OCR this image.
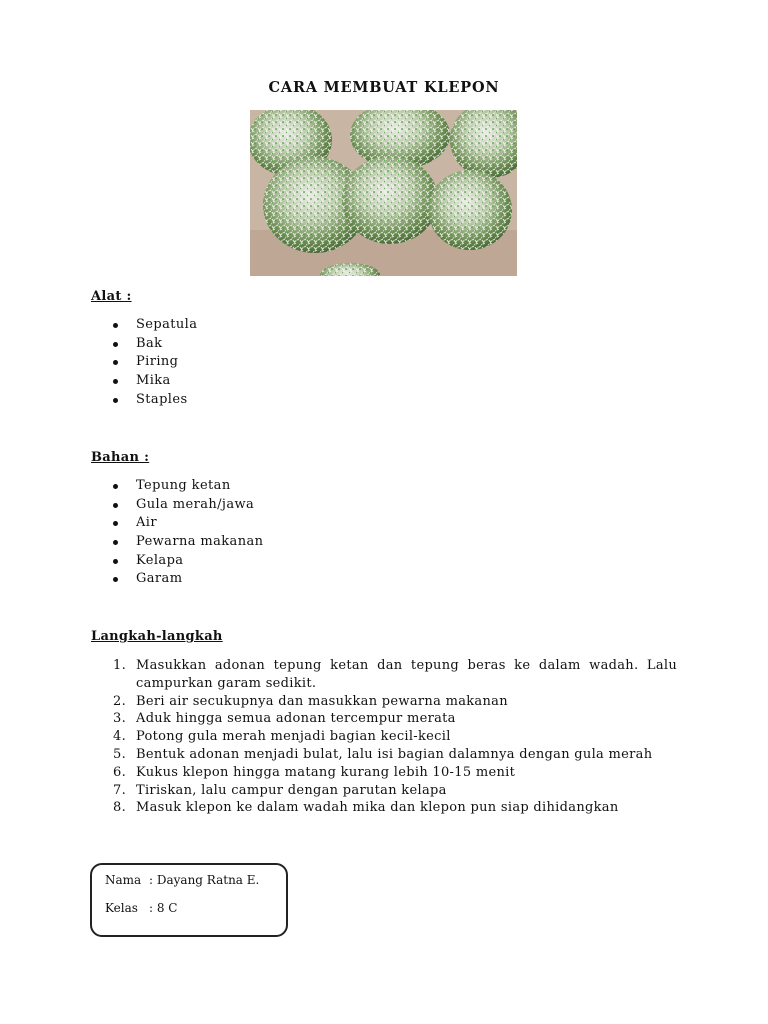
CARA MEMBUAT KLEPON
Alat :
Sepatula
Bak
Piring
Mika
Staples
Bahan :
Tepung ketan
Gula merah/jawa
Air
Pewarna makanan
Kelapa
Garam
Langkah-langkah
1. Masukkan adonan tepung ketan dan tepung beras ke dalam wadah. Lalu campurkan garam sedikit.
2. Beri air secukupnya dan masukkan pewarna makanan
3. Aduk hingga semua adonan tercempur merata
4. Potong gula merah menjadi bagian kecil-kecil
5. Bentuk adonan menjadi bulat, lalu isi bagian dalamnya dengan gula merah
6. Kukus klepon hingga matang kurang lebih 10-15 menit
7. Tiriskan, lalu campur dengan parutan kelapa
8. Masuk klepon ke dalam wadah mika dan klepon pun siap dihidangkan
Nama : Dayang Ratna E.
Kelas : 8 C
